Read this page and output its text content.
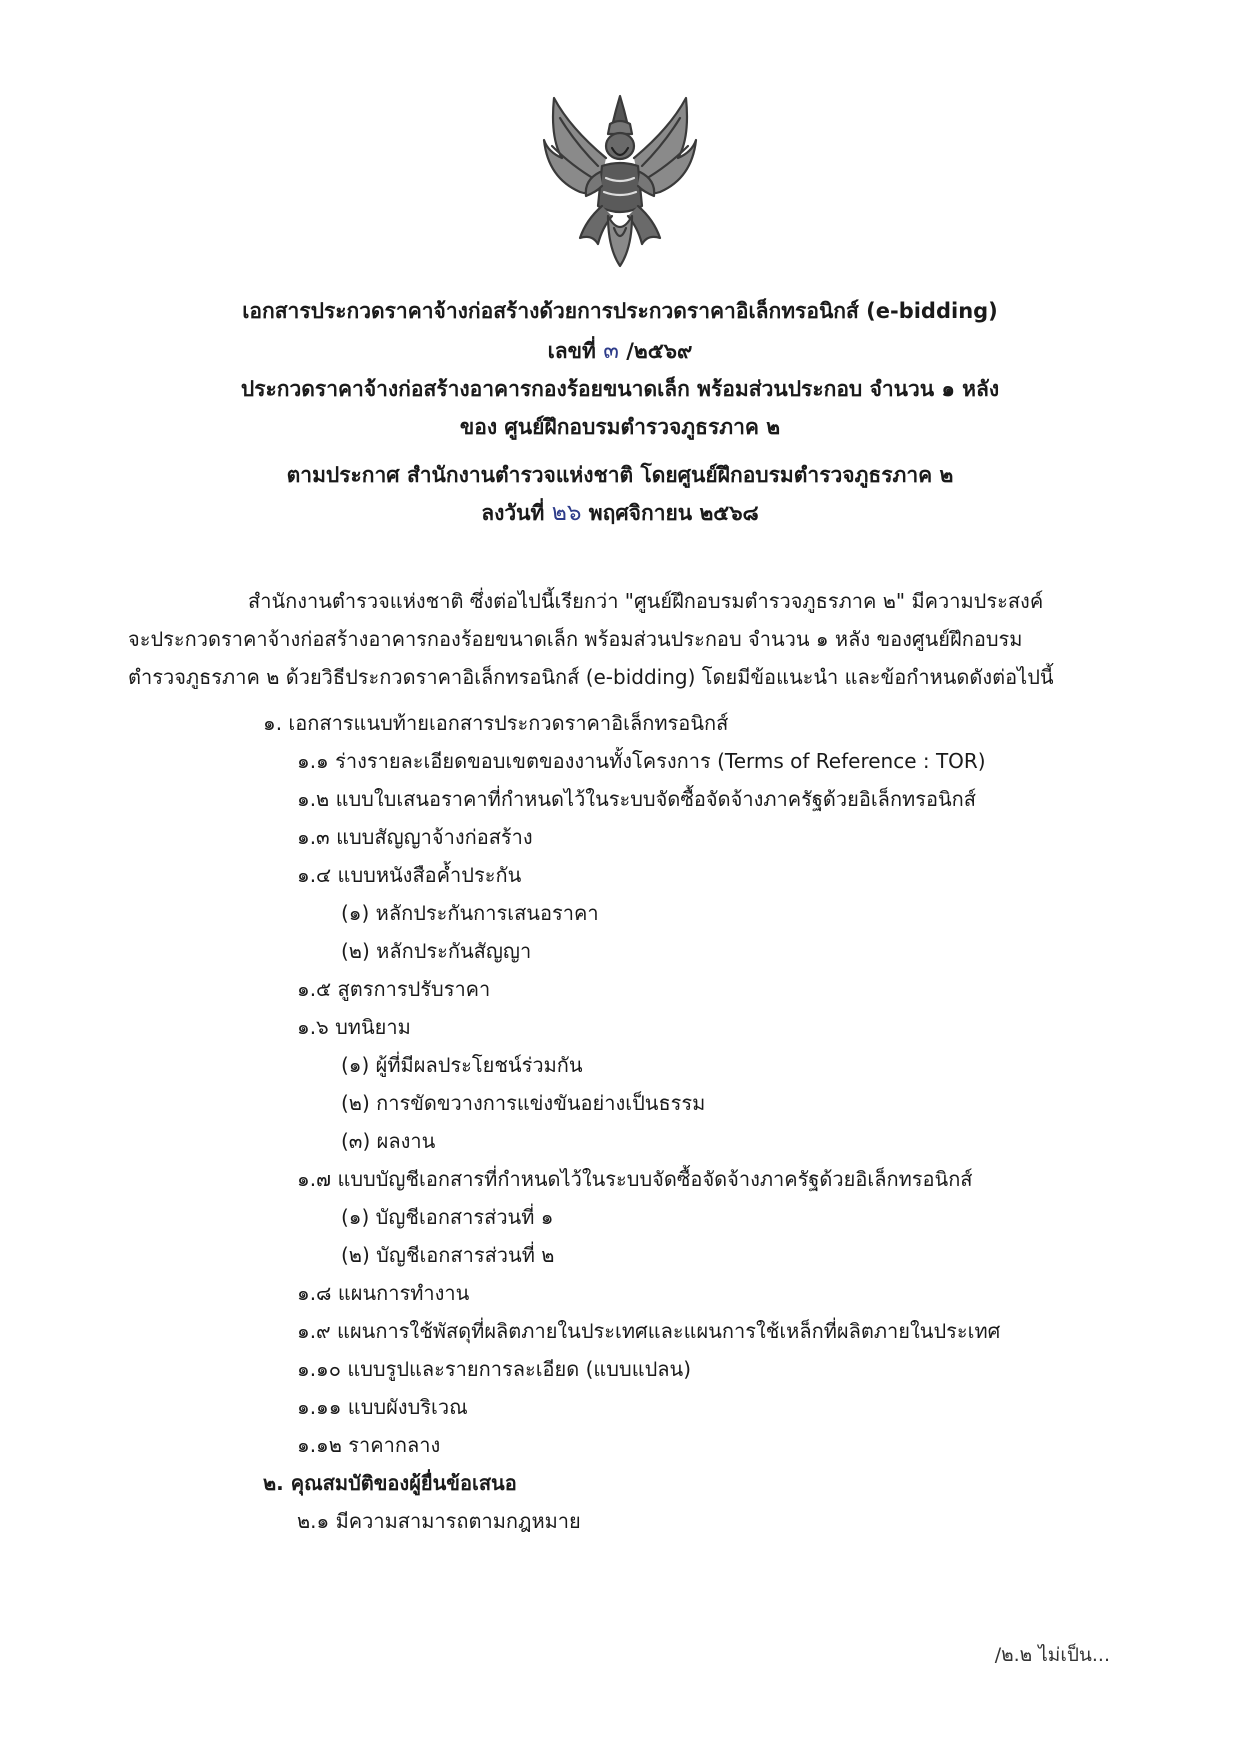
เอกสารประกวดราคาจ้างก่อสร้างด้วยการประกวดราคาอิเล็กทรอนิกส์ (e-bidding)
เลขที่ ๓ /๒๕๖๙
ประกวดราคาจ้างก่อสร้างอาคารกองร้อยขนาดเล็ก พร้อมส่วนประกอบ จำนวน ๑ หลัง
ของ ศูนย์ฝึกอบรมตำรวจภูธรภาค ๒
ตามประกาศ สำนักงานตำรวจแห่งชาติ โดยศูนย์ฝึกอบรมตำรวจภูธรภาค ๒
ลงวันที่ ๒๖ พฤศจิกายน ๒๕๖๘

สำนักงานตำรวจแห่งชาติ ซึ่งต่อไปนี้เรียกว่า "ศูนย์ฝึกอบรมตำรวจภูธรภาค ๒" มีความประสงค์

จะประกวดราคาจ้างก่อสร้างอาคารกองร้อยขนาดเล็ก พร้อมส่วนประกอบ จำนวน ๑ หลัง ของศูนย์ฝึกอบรม

ตำรวจภูธรภาค ๒ ด้วยวิธีประกวดราคาอิเล็กทรอนิกส์ (e-bidding) โดยมีข้อแนะนำ และข้อกำหนดดังต่อไปนี้

๑. เอกสารแนบท้ายเอกสารประกวดราคาอิเล็กทรอนิกส์
๑.๑ ร่างรายละเอียดขอบเขตของงานทั้งโครงการ (Terms of Reference : TOR)
๑.๒ แบบใบเสนอราคาที่กำหนดไว้ในระบบจัดซื้อจัดจ้างภาครัฐด้วยอิเล็กทรอนิกส์
๑.๓ แบบสัญญาจ้างก่อสร้าง
๑.๔ แบบหนังสือค้ำประกัน
(๑) หลักประกันการเสนอราคา
(๒) หลักประกันสัญญา
๑.๕ สูตรการปรับราคา
๑.๖ บทนิยาม
(๑) ผู้ที่มีผลประโยชน์ร่วมกัน
(๒) การขัดขวางการแข่งขันอย่างเป็นธรรม
(๓) ผลงาน
๑.๗ แบบบัญชีเอกสารที่กำหนดไว้ในระบบจัดซื้อจัดจ้างภาครัฐด้วยอิเล็กทรอนิกส์
(๑) บัญชีเอกสารส่วนที่ ๑
(๒) บัญชีเอกสารส่วนที่ ๒
๑.๘ แผนการทำงาน
๑.๙ แผนการใช้พัสดุที่ผลิตภายในประเทศและแผนการใช้เหล็กที่ผลิตภายในประเทศ
๑.๑๐ แบบรูปและรายการละเอียด (แบบแปลน)
๑.๑๑ แบบผังบริเวณ
๑.๑๒ ราคากลาง
๒. คุณสมบัติของผู้ยื่นข้อเสนอ
๒.๑ มีความสามารถตามกฎหมาย
/๒.๒ ไม่เป็น...
